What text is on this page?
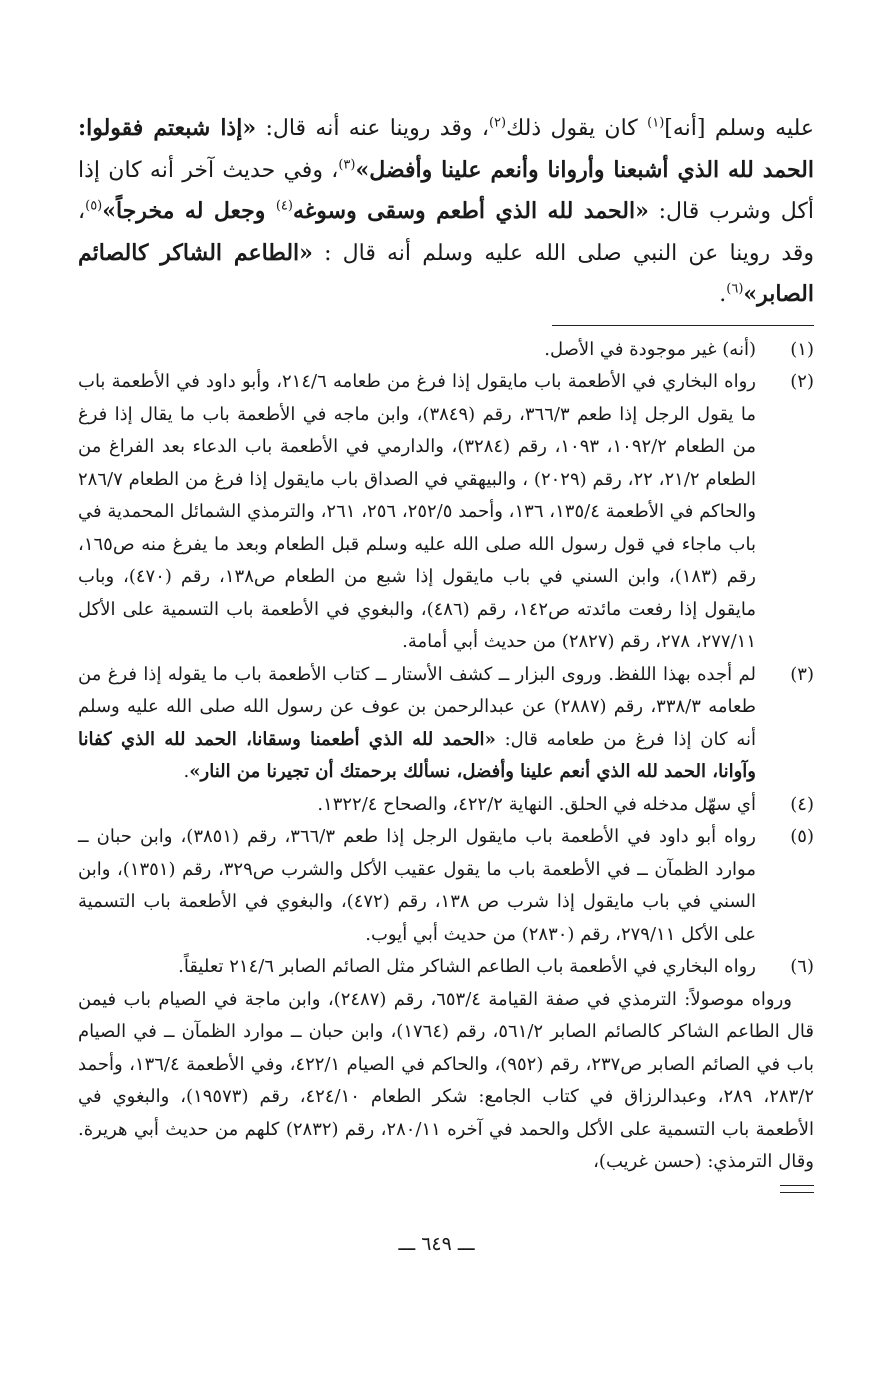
عليه وسلم [أنه]$^{(١)}$ كان يقول ذلك$^{(٢)}$، وقد روينا عنه أنه قال: «إذا شبعتم فقولوا: الحمد لله الذي أشبعنا وأروانا وأنعم علينا وأفضل»$^{(٣)}$، وفي حديث آخر أنه كان إذا أكل وشرب قال: «الحمد لله الذي أطعم وسقى وسوغه$^{(٤)}$ وجعل له مخرجاً»$^{(٥)}$، وقد روينا عن النبي صلى الله عليه وسلم أنه قال : «الطاعم الشاكر كالصائم الصابر»$^{(٦)}$.
(١)
(أنه) غير موجودة في الأصل.
(٢)
رواه البخاري في الأطعمة باب مايقول إذا فرغ من طعامه ٢١٤/٦، وأبو داود في الأطعمة باب ما يقول الرجل إذا طعم ٣٦٦/٣، رقم (٣٨٤٩)، وابن ماجه في الأطعمة باب ما يقال إذا فرغ من الطعام ١٠٩٢/٢، ١٠٩٣، رقم (٣٢٨٤)، والدارمي في الأطعمة باب الدعاء بعد الفراغ من الطعام ٢١/٢، ٢٢، رقم (٢٠٢٩) ، والبيهقي في الصداق باب مايقول إذا فرغ من الطعام ٢٨٦/٧ والحاكم في الأطعمة ١٣٥/٤، ١٣٦، وأحمد ٢٥٢/٥، ٢٥٦، ٢٦١، والترمذي الشمائل المحمدية في باب ماجاء في قول رسول الله صلى الله عليه وسلم قبل الطعام وبعد ما يفرغ منه ص١٦٥، رقم (١٨٣)، وابن السني في باب مايقول إذا شبع من الطعام ص١٣٨، رقم (٤٧٠)، وباب مايقول إذا رفعت مائدته ص١٤٢، رقم (٤٨٦)، والبغوي في الأطعمة باب التسمية على الأكل ٢٧٧/١١، ٢٧٨، رقم (٢٨٢٧) من حديث أبي أمامة.
(٣)
لم أجده بهذا اللفظ. وروى البزار ــ كشف الأستار ــ كتاب الأطعمة باب ما يقوله إذا فرغ من طعامه ٣٣٨/٣، رقم (٢٨٨٧) عن عبدالرحمن بن عوف عن رسول الله صلى الله عليه وسلم أنه كان إذا فرغ من طعامه قال: «الحمد لله الذي أطعمنا وسقانا، الحمد لله الذي كفانا وآوانا، الحمد لله الذي أنعم علينا وأفضل، نسألك برحمتك أن تجيرنا من النار».
(٤)
أي سهّل مدخله في الحلق. النهاية ٤٢٢/٢، والصحاح ١٣٢٢/٤.
(٥)
رواه أبو داود في الأطعمة باب مايقول الرجل إذا طعم ٣٦٦/٣، رقم (٣٨٥١)، وابن حبان ــ موارد الظمآن ــ في الأطعمة باب ما يقول عقيب الأكل والشرب ص٣٢٩، رقم (١٣٥١)، وابن السني في باب مايقول إذا شرب ص ١٣٨، رقم (٤٧٢)، والبغوي في الأطعمة باب التسمية على الأكل ٢٧٩/١١، رقم (٢٨٣٠) من حديث أبي أيوب.
(٦)
رواه البخاري في الأطعمة باب الطاعم الشاكر مثل الصائم الصابر ٢١٤/٦ تعليقاً.
ورواه موصولاً: الترمذي في صفة القيامة ٦٥٣/٤، رقم (٢٤٨٧)، وابن ماجة في الصيام باب فيمن قال الطاعم الشاكر كالصائم الصابر ٥٦١/٢، رقم (١٧٦٤)، وابن حبان ــ موارد الظمآن ــ في الصيام باب في الصائم الصابر ص٢٣٧، رقم (٩٥٢)، والحاكم في الصيام ٤٢٢/١، وفي الأطعمة ١٣٦/٤، وأحمد ٢٨٣/٢، ٢٨٩، وعبدالرزاق في كتاب الجامع: شكر الطعام ٤٢٤/١٠، رقم (١٩٥٧٣)، والبغوي في الأطعمة باب التسمية على الأكل والحمد في آخره ٢٨٠/١١، رقم (٢٨٣٢) كلهم من حديث أبي هريرة. وقال الترمذي: (حسن غريب)،
ـــ ٦٤٩ ـــ
